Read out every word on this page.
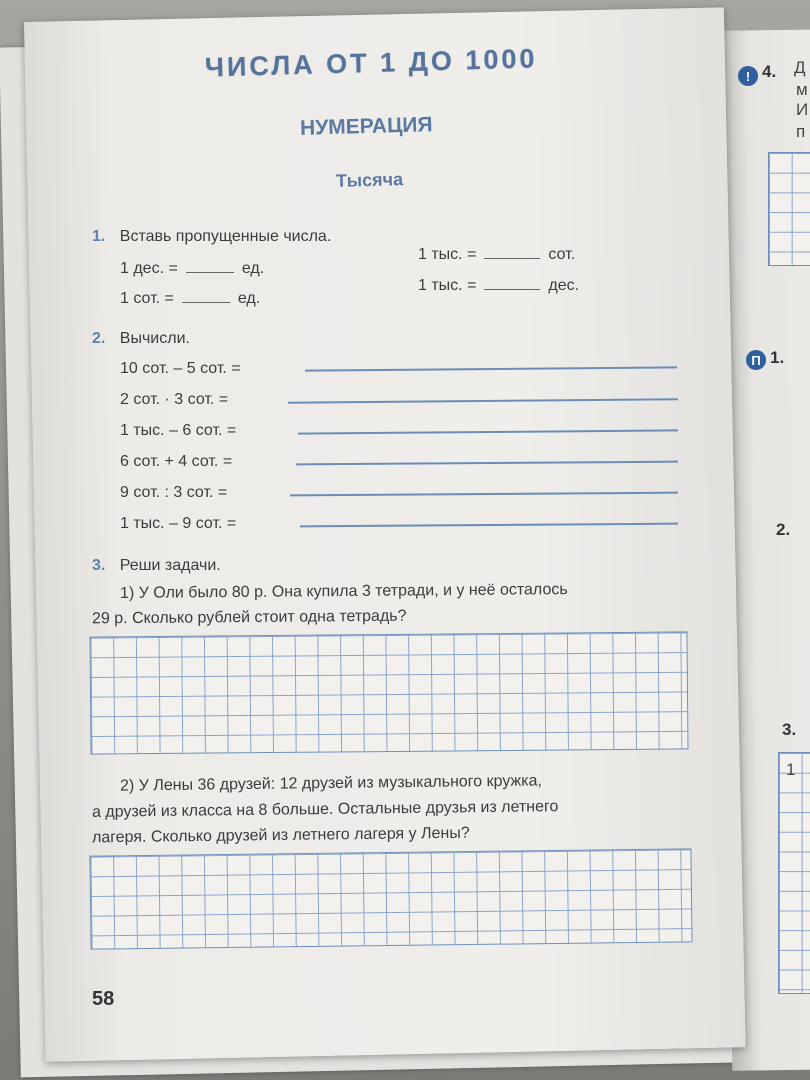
ЧИСЛА ОТ 1 ДО 1000
НУМЕРАЦИЯ
Тысяча
1. Вставь пропущенные числа.
1 дес. =	ед.
1 сот. =	ед.
1 тыс. =	сот.
1 тыс. =	дес.
2. Вычисли.
10 сот. – 5 сот. =
2 сот. · 3 сот. =
1 тыс. – 6 сот. =
6 сот. + 4 сот. =
9 сот. : 3 сот. =
1 тыс. – 9 сот. =
3. Реши задачи.
1) У Оли было 80 р. Она купила 3 тетради, и у неё осталось
29 р. Сколько рублей стоит одна тетрадь?
2) У Лены 36 друзей: 12 друзей из музыкального кружка,
а друзей из класса на 8 больше. Остальные друзья из летнего
лагеря. Сколько друзей из летнего лагеря у Лены?
58
! 4. Д
м
И
п
П 1.
2.
3.
1
